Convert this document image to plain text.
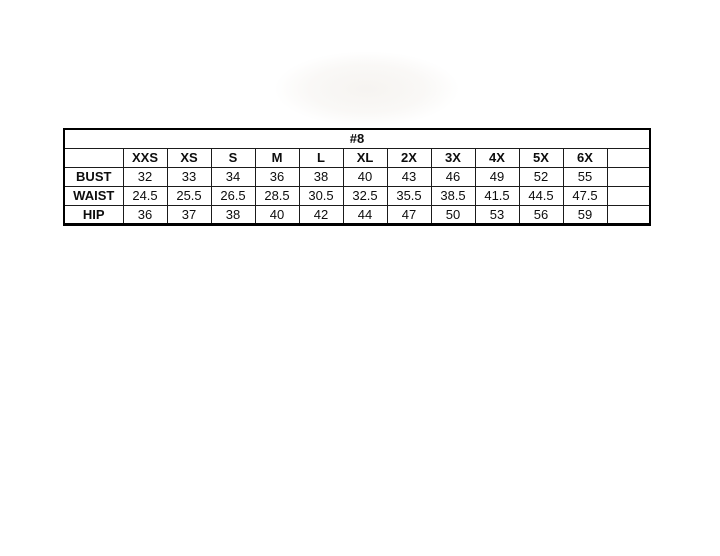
#8												
	XXS	XS	S	M	L	XL	2X	3X	4X	5X	6X	
BUST	32	33	34	36	38	40	43	46	49	52	55	
WAIST	24.5	25.5	26.5	28.5	30.5	32.5	35.5	38.5	41.5	44.5	47.5	
HIP	36	37	38	40	42	44	47	50	53	56	59	
